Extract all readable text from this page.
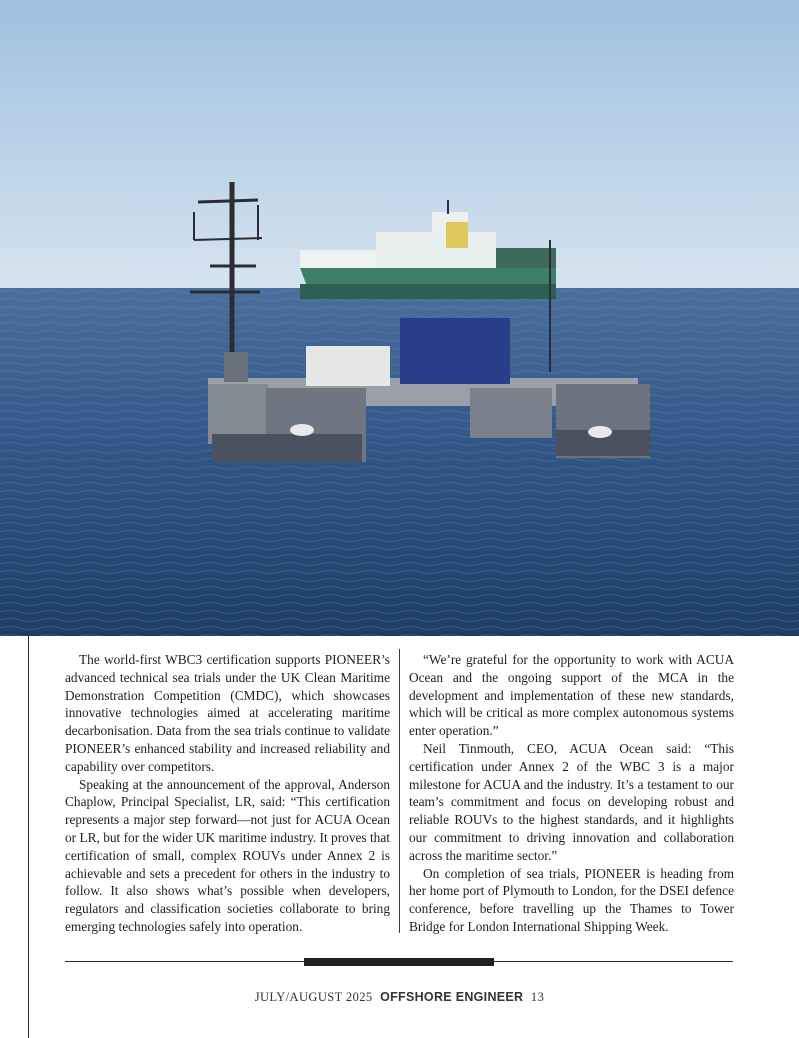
The world-first WBC3 certification supports PIONEER’s advanced technical sea trials under the UK Clean Maritime Demonstration Competition (CMDC), which showcases innovative technologies aimed at accelerating maritime decarbonisation. Data from the sea trials continue to validate PIONEER’s enhanced stability and increased reliability and capability over competitors.

Speaking at the announcement of the approval, Anderson Chaplow, Principal Specialist, LR, said: “This certification represents a major step forward—not just for ACUA Ocean or LR, but for the wider UK maritime industry. It proves that certification of small, complex ROUVs under Annex 2 is achievable and sets a precedent for others in the industry to follow. It also shows what’s possible when developers, regulators and classification societies collaborate to bring emerging technologies safely into operation.

“We’re grateful for the opportunity to work with ACUA Ocean and the ongoing support of the MCA in the development and implementation of these new standards, which will be critical as more complex autonomous systems enter operation.”

Neil Tinmouth, CEO, ACUA Ocean said: “This certification under Annex 2 of the WBC 3 is a major milestone for ACUA and the industry. It’s a testament to our team’s commitment and focus on developing robust and reliable ROUVs to the highest standards, and it highlights our commitment to driving innovation and collaboration across the maritime sector.”

On completion of sea trials, PIONEER is heading from her home port of Plymouth to London, for the DSEI defence conference, before travelling up the Thames to Tower Bridge for London International Shipping Week.

JULY/AUGUST 2025 OFFSHORE ENGINEER 13
